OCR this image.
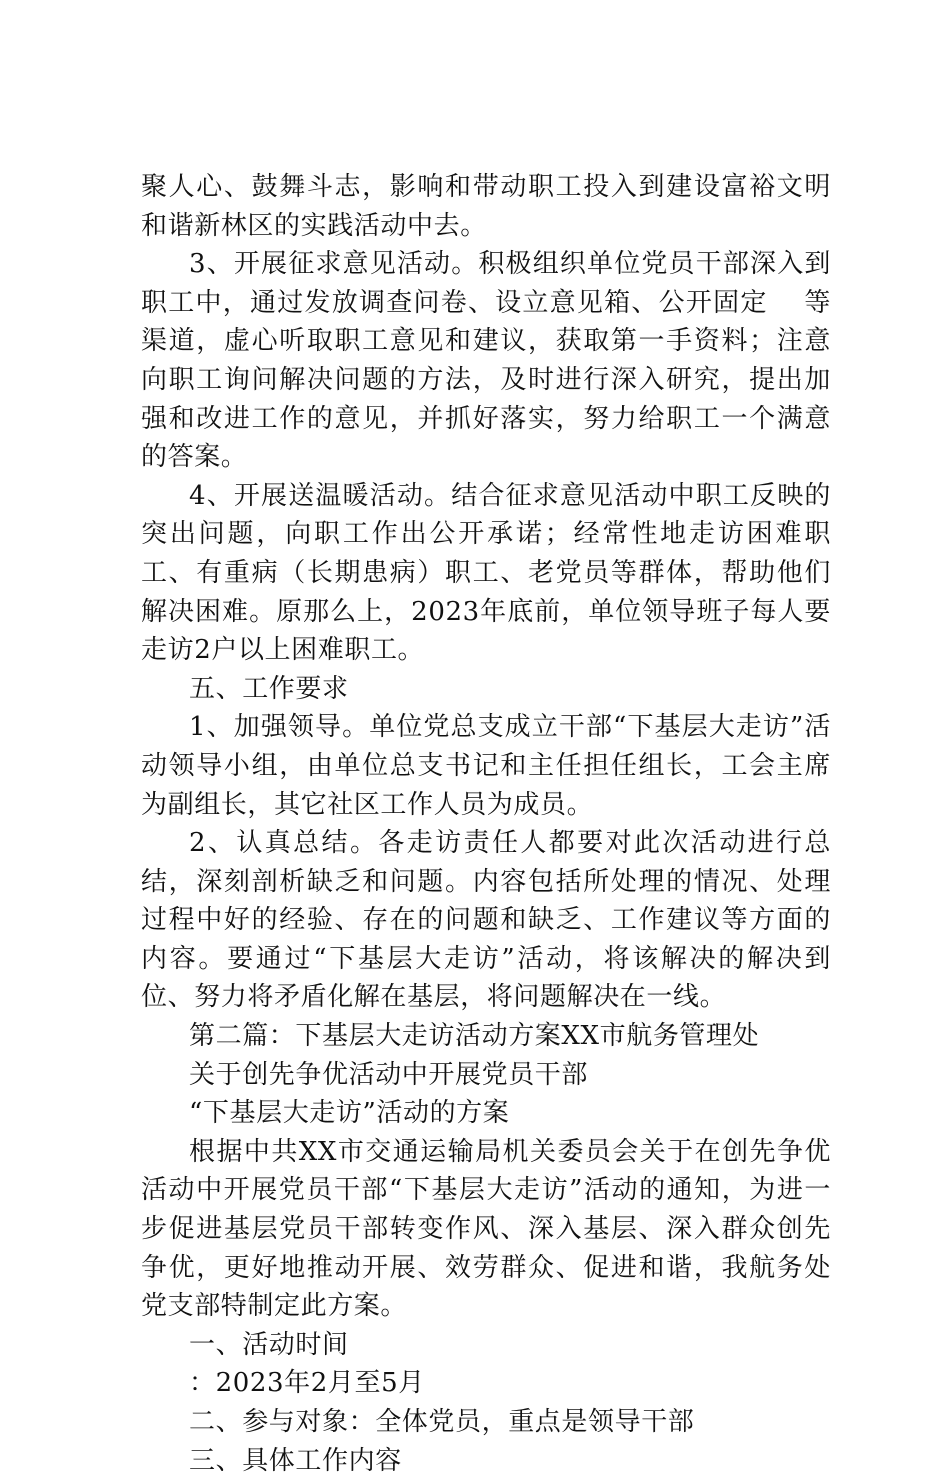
聚人心、鼓舞斗志，影响和带动职工投入到建设富裕文明和谐新林区的实践活动中去。

3、开展征求意见活动。积极组织单位党员干部深入到职工中，通过发放调查问卷、设立意见箱、公开固定　 等渠道，虚心听取职工意见和建议，获取第一手资料；注意向职工询问解决问题的方法，及时进行深入研究，提出加强和改进工作的意见，并抓好落实，努力给职工一个满意的答案。

4、开展送温暖活动。结合征求意见活动中职工反映的突出问题，向职工作出公开承诺；经常性地走访困难职工、有重病（长期患病）职工、老党员等群体，帮助他们解决困难。原那么上，2023年底前，单位领导班子每人要走访2户以上困难职工。

五、工作要求

1、加强领导。单位党总支成立干部“下基层大走访”活动领导小组，由单位总支书记和主任担任组长，工会主席为副组长，其它社区工作人员为成员。

2、认真总结。各走访责任人都要对此次活动进行总结，深刻剖析缺乏和问题。内容包括所处理的情况、处理过程中好的经验、存在的问题和缺乏、工作建议等方面的内容。要通过“下基层大走访”活动，将该解决的解决到位、努力将矛盾化解在基层，将问题解决在一线。

第二篇：下基层大走访活动方案XX市航务管理处

关于创先争优活动中开展党员干部

“下基层大走访”活动的方案

根据中共XX市交通运输局机关委员会关于在创先争优活动中开展党员干部“下基层大走访”活动的通知，为进一步促进基层党员干部转变作风、深入基层、深入群众创先争优，更好地推动开展、效劳群众、促进和谐，我航务处党支部特制定此方案。

一、活动时间

：2023年2月至5月

二、参与对象：全体党员，重点是领导干部

三、具体工作内容
